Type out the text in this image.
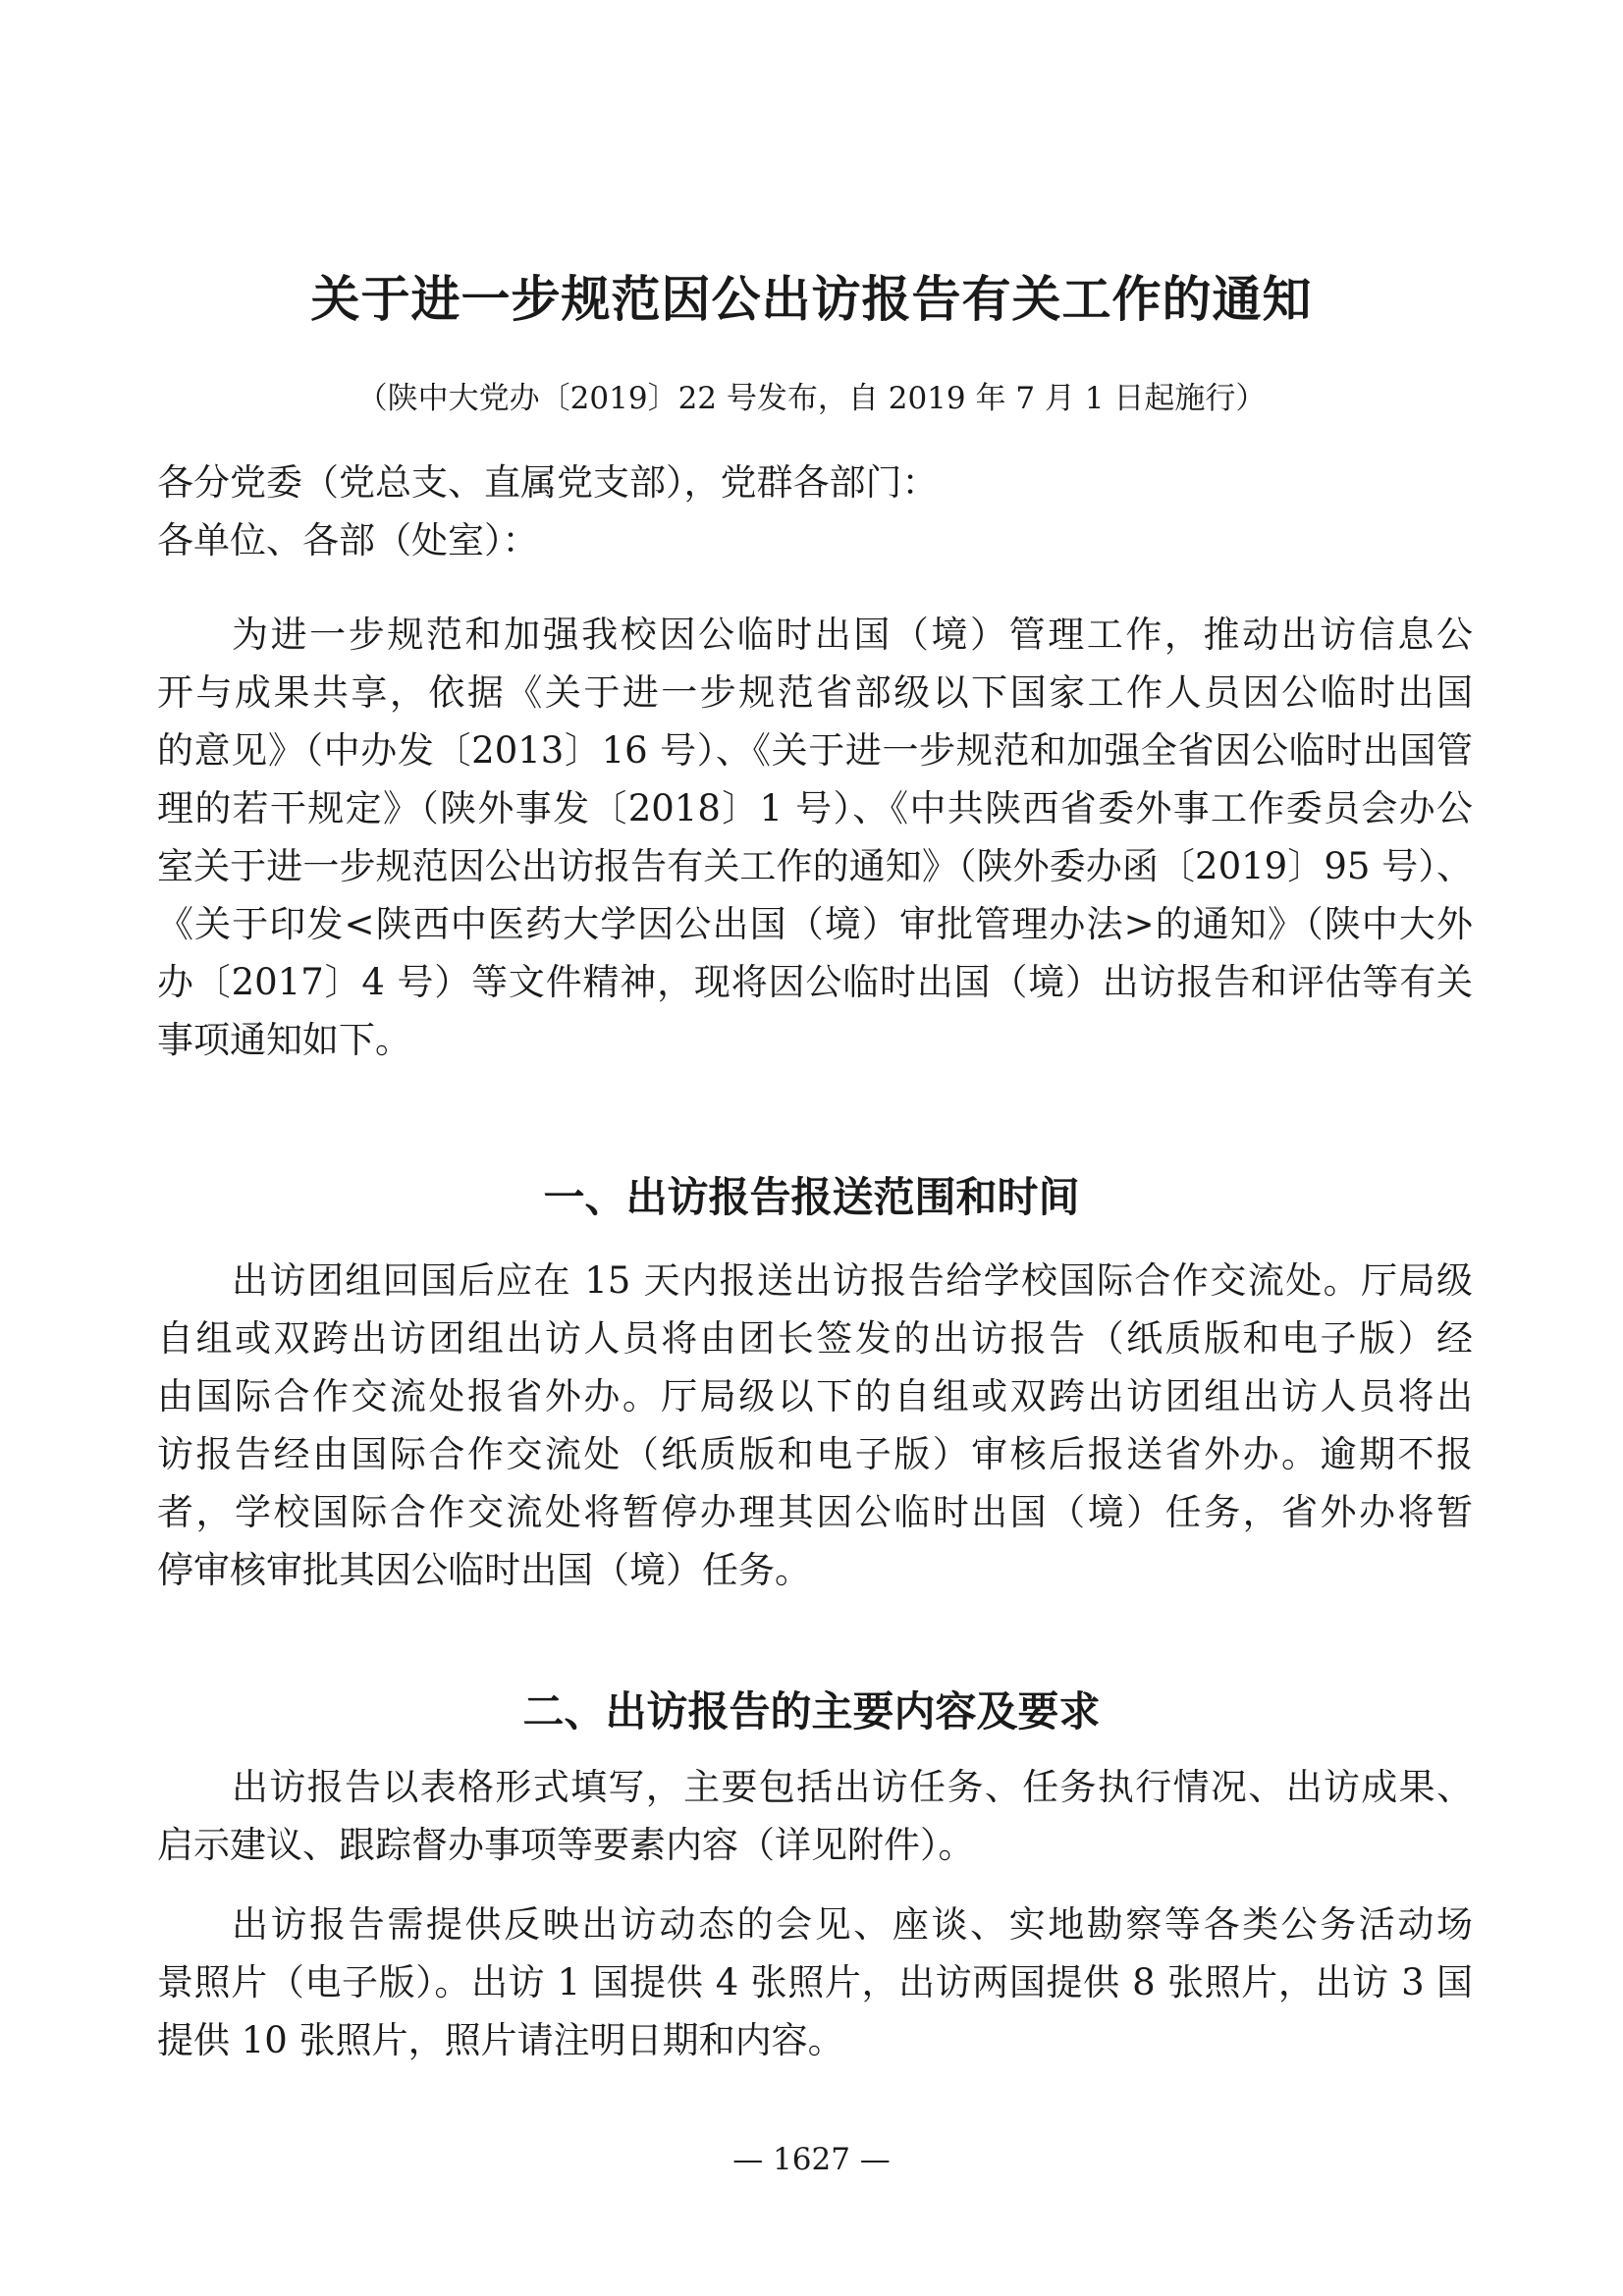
关于进一步规范因公出访报告有关工作的通知
（陕中大党办〔2019〕22 号发布，自 2019 年 7 月 1 日起施行）
各分党委（党总支、直属党支部），党群各部门：
各单位、各部（处室）：
为进一步规范和加强我校因公临时出国（境）管理工作，推动出访信息公
开与成果共享，依据《关于进一步规范省部级以下国家工作人员因公临时出国
的意见》（中办发〔2013〕16 号）、《关于进一步规范和加强全省因公临时出国管
理的若干规定》（陕外事发〔2018〕1 号）、《中共陕西省委外事工作委员会办公
室关于进一步规范因公出访报告有关工作的通知》（陕外委办函〔2019〕95 号）、
《关于印发<陕西中医药大学因公出国（境）审批管理办法>的通知》（陕中大外
办〔2017〕4 号）等文件精神，现将因公临时出国（境）出访报告和评估等有关
事项通知如下。
一、出访报告报送范围和时间
出访团组回国后应在 15 天内报送出访报告给学校国际合作交流处。厅局级
自组或双跨出访团组出访人员将由团长签发的出访报告（纸质版和电子版）经
由国际合作交流处报省外办。厅局级以下的自组或双跨出访团组出访人员将出
访报告经由国际合作交流处（纸质版和电子版）审核后报送省外办。逾期不报
者，学校国际合作交流处将暂停办理其因公临时出国（境）任务，省外办将暂
停审核审批其因公临时出国（境）任务。
二、出访报告的主要内容及要求
出访报告以表格形式填写，主要包括出访任务、任务执行情况、出访成果、
启示建议、跟踪督办事项等要素内容（详见附件）。
出访报告需提供反映出访动态的会见、座谈、实地勘察等各类公务活动场
景照片（电子版）。出访 1 国提供 4 张照片，出访两国提供 8 张照片，出访 3 国
提供 10 张照片，照片请注明日期和内容。
— 1627 —
